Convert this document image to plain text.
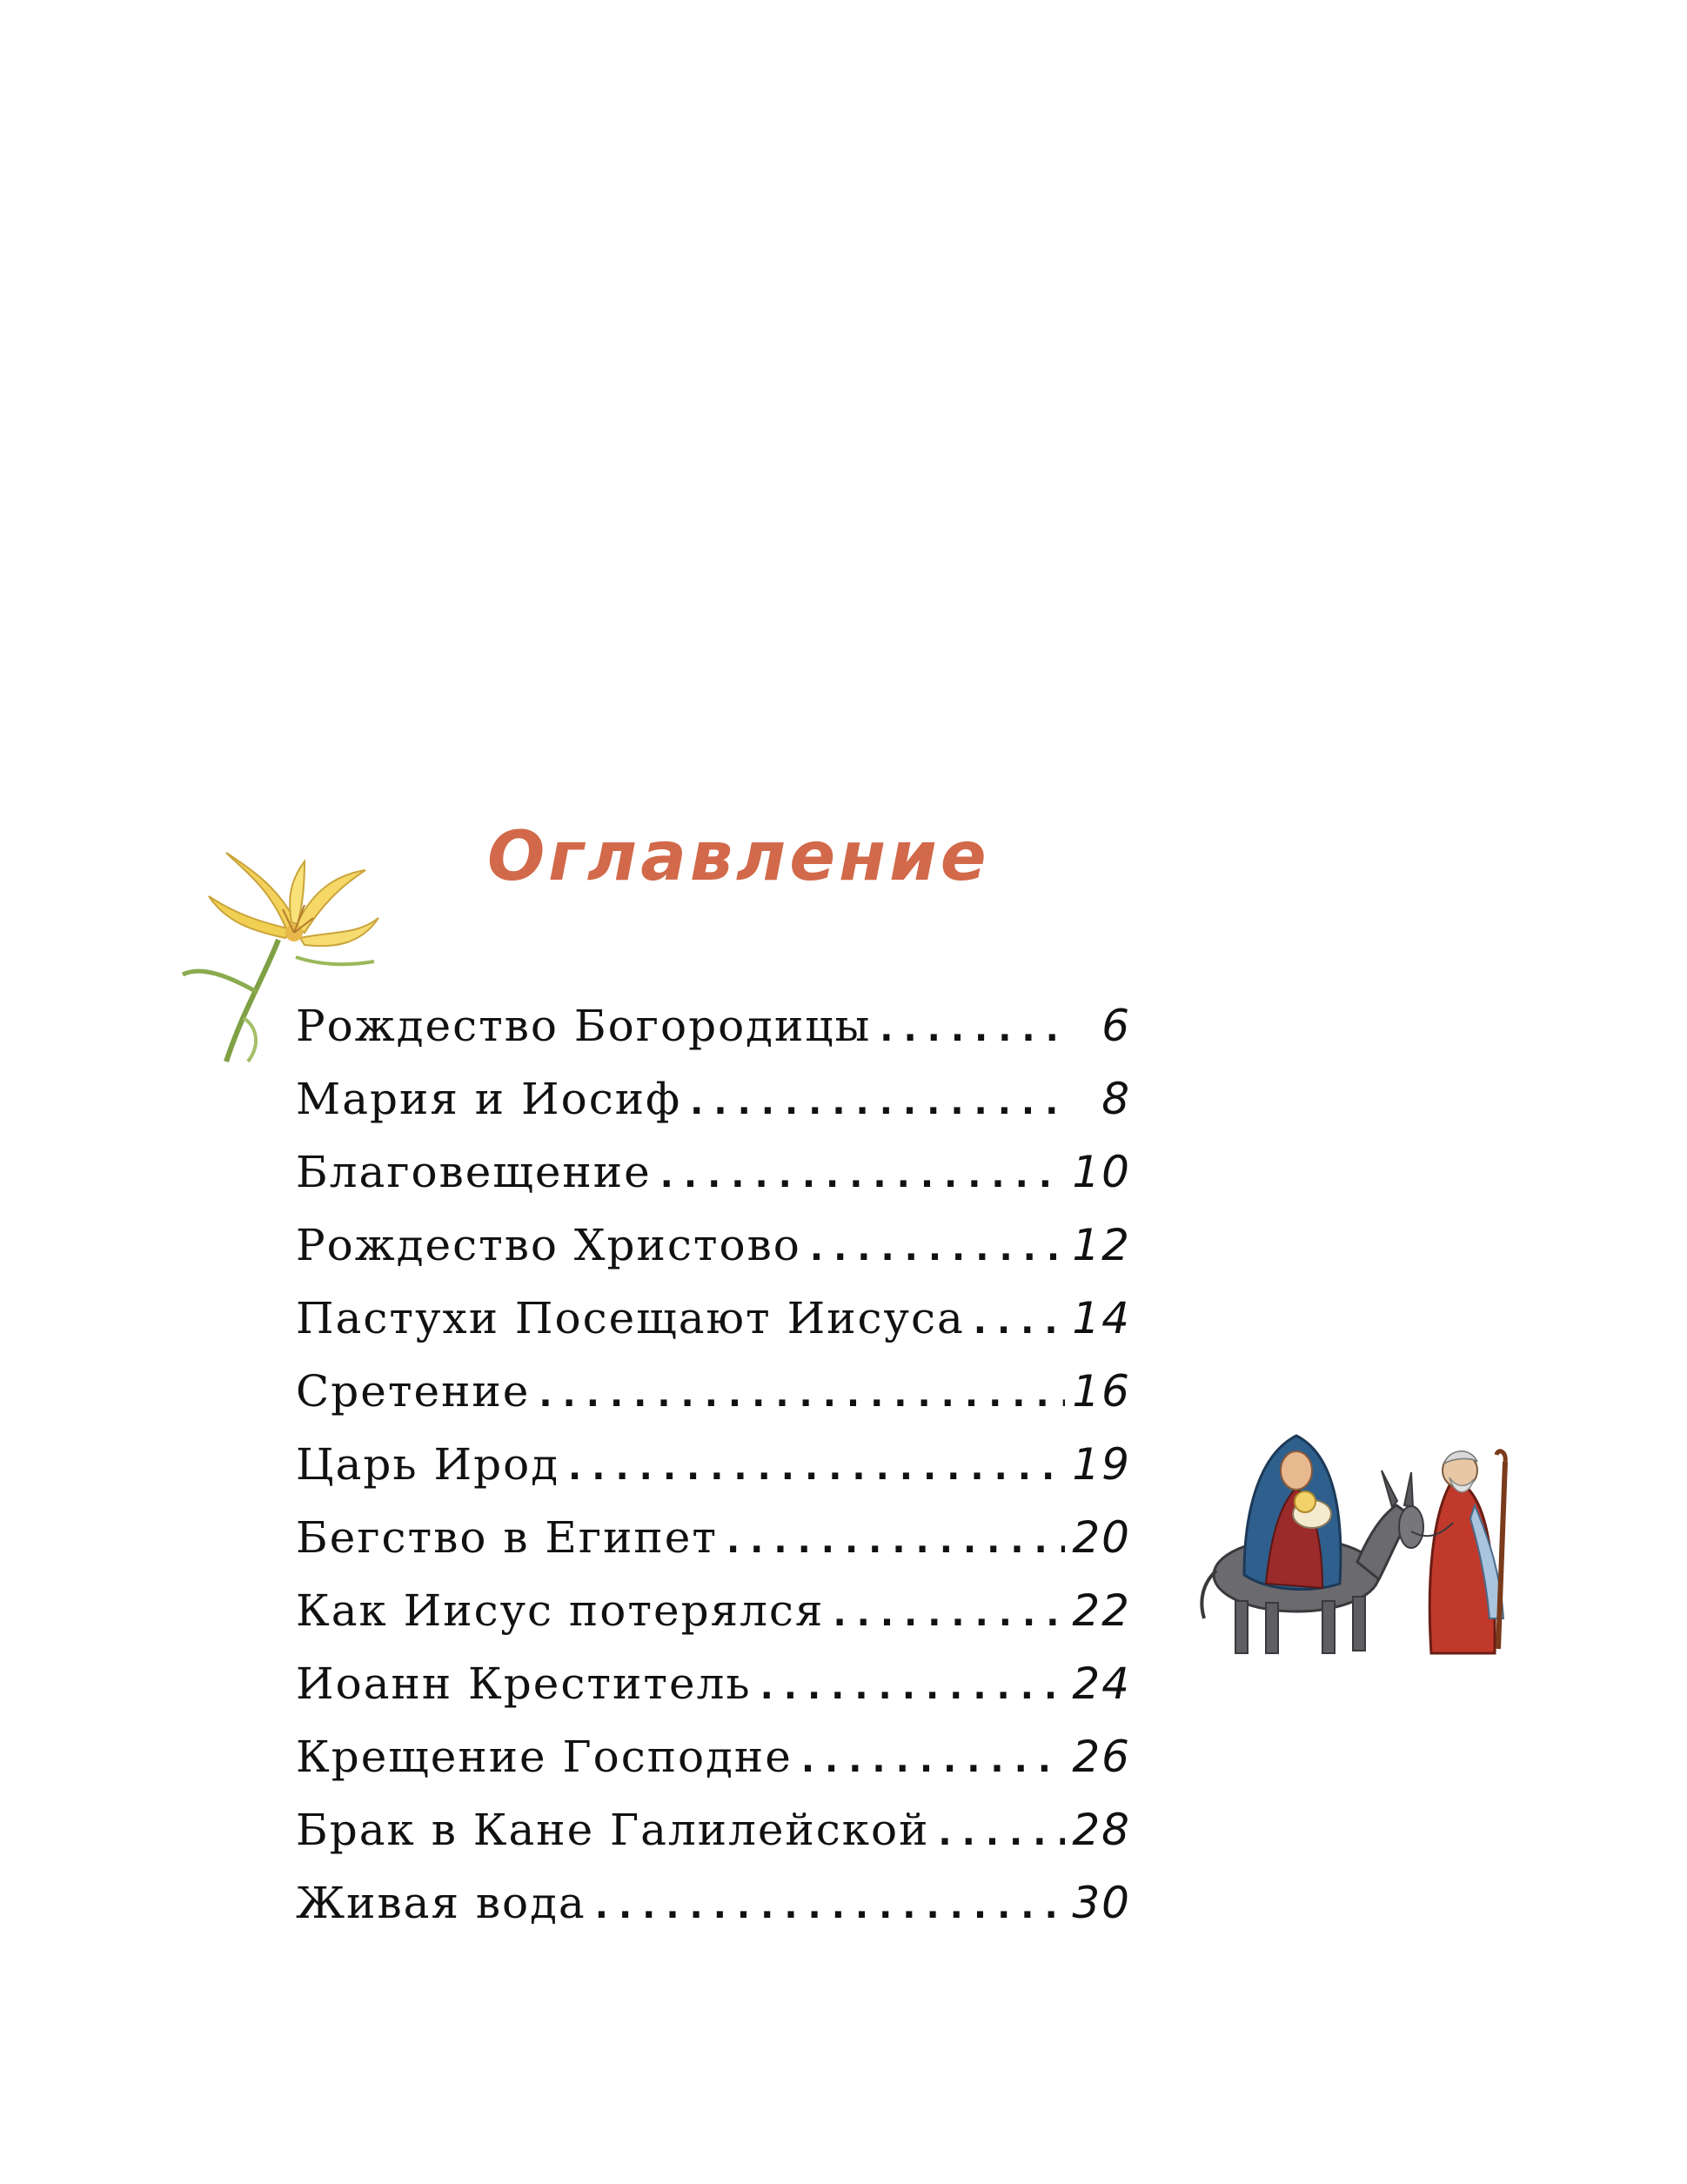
Оглавление
Рождество Богородицы .....	6
Мария и Иосиф .....	8
Благовещение .....	10
Рождество Христово .....	12
Пастухи Посещают Иисуса ..... 14
Сретение .....	16
Царь Ирод .....	19
Бегство в Египет .....	20
Как Иисус потерялся .....	22
Иоанн Креститель .....	24
Крещение Господне .....	26
Брак в Кане Галилейской .....	28
Живая вода .....	30
